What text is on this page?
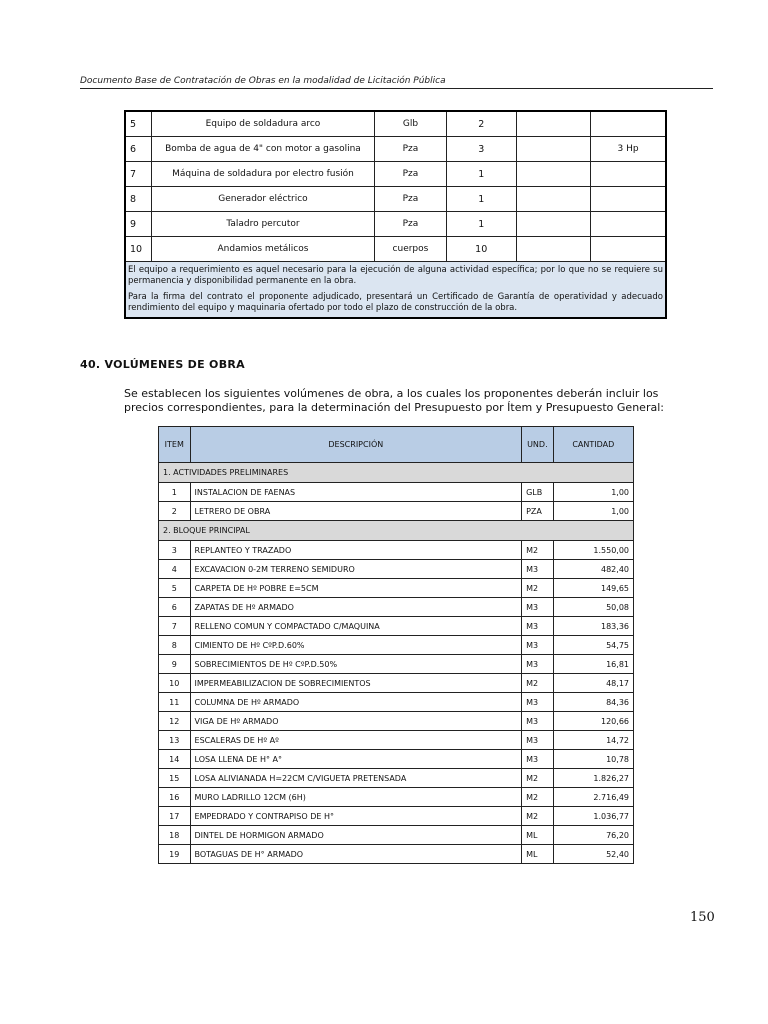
Documento Base de Contratación de Obras en la modalidad de Licitación Pública
5	Equipo de soldadura arco	Glb	2		
6	Bomba de agua de 4" con motor a gasolina	Pza	3		3 Hp
7	Máquina de soldadura por electro fusión	Pza	1		
8	Generador eléctrico	Pza	1		
9	Taladro percutor	Pza	1		
10	Andamios metálicos	cuerpos	10		

El equipo a requerimiento es aquel necesario para la ejecución de alguna actividad específica; por lo que no se requiere su permanencia y disponibilidad permanente en la obra.

Para la firma del contrato el proponente adjudicado, presentará un Certificado de Garantía de operatividad y adecuado rendimiento del equipo y maquinaria ofertado por todo el plazo de construcción de la obra.					

40. VOLÚMENES DE OBRA
Se establecen los siguientes volúmenes de obra, a los cuales los proponentes deberán incluir los precios correspondientes, para la determinación del Presupuesto por Ítem y Presupuesto General:
ITEM	DESCRIPCIÓN	UND.	CANTIDAD
1. ACTIVIDADES PRELIMINARES			
1	INSTALACION DE FAENAS	GLB	1,00
2	LETRERO DE OBRA	PZA	1,00
2. BLOQUE PRINCIPAL			
3	REPLANTEO Y TRAZADO	M2	1.550,00
4	EXCAVACION 0-2M TERRENO SEMIDURO	M3	482,40
5	CARPETA DE Hº POBRE E=5CM	M2	149,65
6	ZAPATAS DE Hº ARMADO	M3	50,08
7	RELLENO COMUN Y COMPACTADO C/MAQUINA	M3	183,36
8	CIMIENTO DE Hº CºP.D.60%	M3	54,75
9	SOBRECIMIENTOS DE Hº CºP.D.50%	M3	16,81
10	IMPERMEABILIZACION DE SOBRECIMIENTOS	M2	48,17
11	COLUMNA DE Hº ARMADO	M3	84,36
12	VIGA DE Hº ARMADO	M3	120,66
13	ESCALERAS DE Hº Aº	M3	14,72
14	LOSA LLENA DE H° A°	M3	10,78
15	LOSA ALIVIANADA H=22CM C/VIGUETA PRETENSADA	M2	1.826,27
16	MURO LADRILLO 12CM (6H)	M2	2.716,49
17	EMPEDRADO Y CONTRAPISO DE H°	M2	1.036,77
18	DINTEL DE HORMIGON ARMADO	ML	76,20
19	BOTAGUAS DE H° ARMADO	ML	52,40
150
